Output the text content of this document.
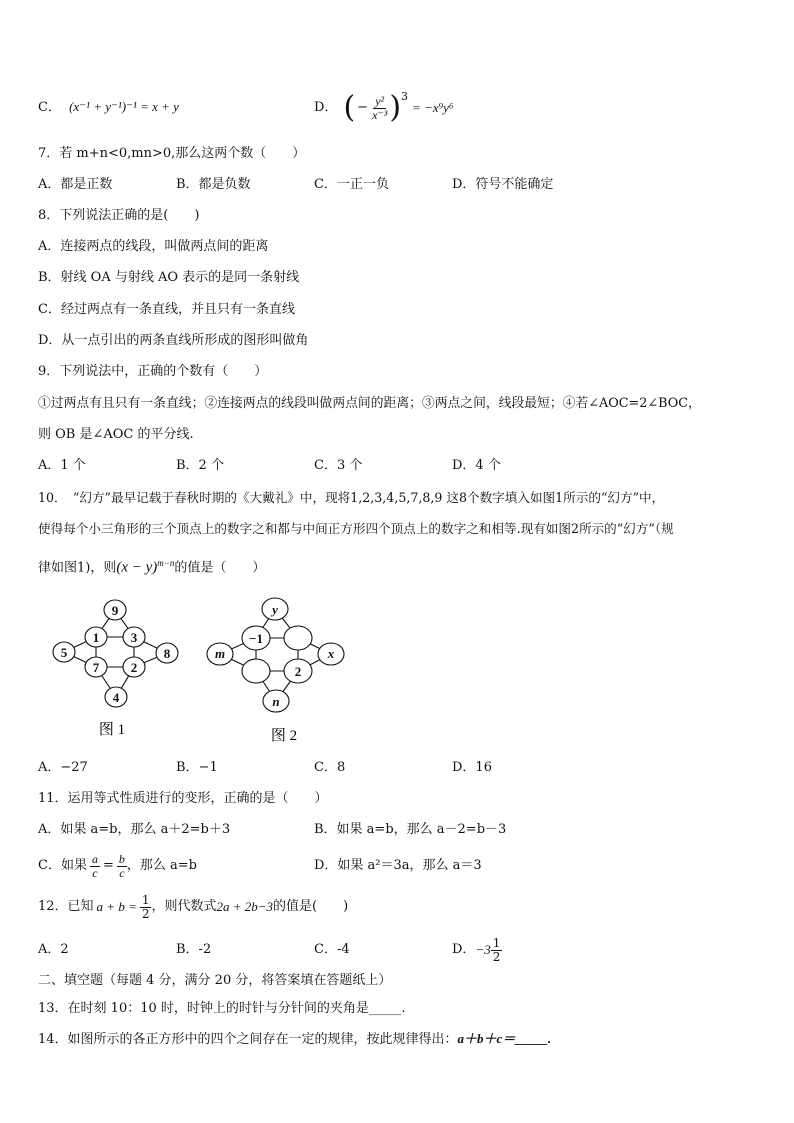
C． (x⁻¹ + y⁻¹)⁻¹ = x + y	D． ( − $\frac{\text{y²}}{\text{x⁻³}} )^3$
= −x⁹y⁶
7．若 m+n<0,mn>0,那么这两个数（　　）
A．都是正数	B．都是负数	C．一正一负	D．符号不能确定
8．下列说法正确的是(　　)
A．连接两点的线段，叫做两点间的距离
B．射线 OA 与射线 AO 表示的是同一条射线
C．经过两点有一条直线，并且只有一条直线
D．从一点引出的两条直线所形成的图形叫做角
9．下列说法中，正确的个数有（　　）
①过两点有且只有一条直线；②连接两点的线段叫做两点间的距离；③两点之间，线段最短；④若∠AOC=2∠BOC，
则 OB 是∠AOC 的平分线.
A．1 个	B．2 个	C．3 个	D．4 个
10．　“幻方”最早记载于春秋时期的《大戴礼》中，现将1,2,3,4,5,7,8,9 这8个数字填入如图1所示的“幻方”中，
使得每个小三角形的三个顶点上的数字之和都与中间正方形四个顶点上的数字之和相等.现有如图2所示的“幻方”（规
律如图1)，则$(x - y)^{m-n}$的值是（　　）
9
1 3
5	8
7 2
4
图 1
y
−1
m	x
2
n
图 2
A．−27	B．−1	C．8	D．16
11．运用等式性质进行的变形，正确的是（　　）
A．如果 a=b，那么 a＋2=b＋3	B．如果 a=b，那么 a－2=b－3
C．如果 $\frac{a}{c} = \frac{b}{c}$ ，那么 a=b	D．如果 a²＝3a，那么 a＝3
12．已知 $a + b = \frac{1}{2}$ ，则代数式 2a + 2b−3 的值是(　　)
A．2	B．-2	C．-4	D． $-3 \frac{1}{2}$
二、填空题（每题 4 分，满分 20 分，将答案填在答题纸上）
13．在时刻 10：10 时，时钟上的时针与分针间的夹角是_____.
14．如图所示的各正方形中的四个之间存在一定的规律，按此规律得出：a＋b＋c＝_____.
